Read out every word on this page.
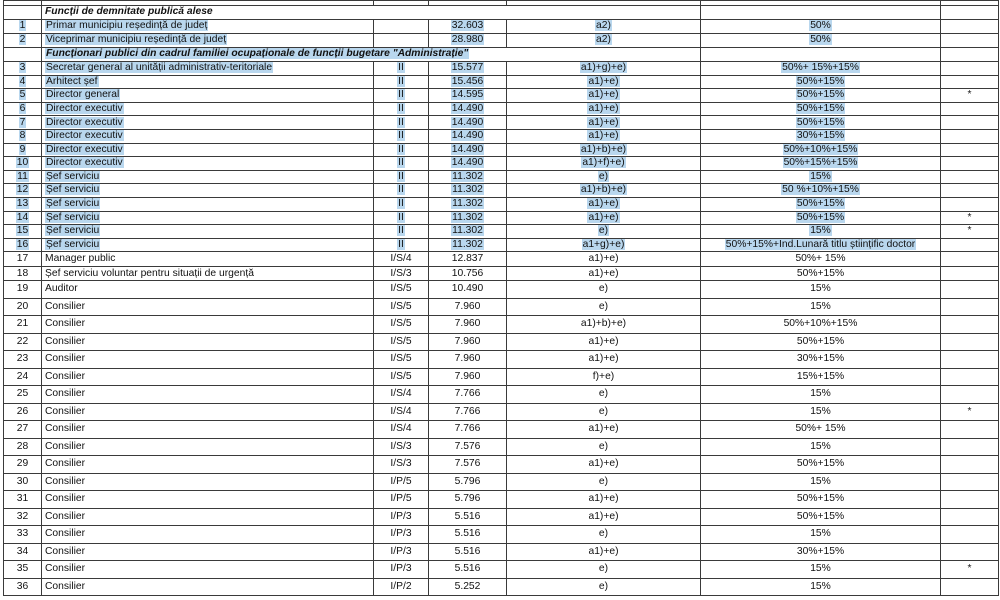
	Funcții de demnitate publică alese					
1	Primar municipiu reședință de județ		32.603	a2)	50%	
2	Viceprimar municipiu reședință de județ		28.980	a2)	50%	
	Funcționari publici din cadrul familiei ocupaționale de funcții bugetare "Administrație"					
3	Secretar general al unității administrativ-teritoriale	II	15.577	a1)+g)+e)	50%+ 15%+15%	
4	Arhitect șef	II	15.456	a1)+e)	50%+15%	
5	Director general	II	14.595	a1)+e)	50%+15%	*
6	Director executiv	II	14.490	a1)+e)	50%+15%	
7	Director executiv	II	14.490	a1)+e)	50%+15%	
8	Director executiv	II	14.490	a1)+e)	30%+15%	
9	Director executiv	II	14.490	a1)+b)+e)	50%+10%+15%	
10	Director executiv	II	14.490	a1)+f)+e)	50%+15%+15%	
11	Șef serviciu	II	11.302	e)	15%	
12	Șef serviciu	II	11.302	a1)+b)+e)	50 %+10%+15%	
13	Șef serviciu	II	11.302	a1)+e)	50%+15%	
14	Șef serviciu	II	11.302	a1)+e)	50%+15%	*
15	Șef serviciu	II	11.302	e)	15%	*
16	Șef serviciu	II	11.302	a1+g)+e)	50%+15%+Ind.Lunară titlu științific doctor	
17	Manager public	I/S/4	12.837	a1)+e)	50%+ 15%	
18	Șef serviciu voluntar pentru situații de urgență	I/S/3	10.756	a1)+e)	50%+15%	
19	Auditor	I/S/5	10.490	e)	15%	
20	Consilier	I/S/5	7.960	e)	15%	
21	Consilier	I/S/5	7.960	a1)+b)+e)	50%+10%+15%	
22	Consilier	I/S/5	7.960	a1)+e)	50%+15%	
23	Consilier	I/S/5	7.960	a1)+e)	30%+15%	
24	Consilier	I/S/5	7.960	f)+e)	15%+15%	
25	Consilier	I/S/4	7.766	e)	15%	
26	Consilier	I/S/4	7.766	e)	15%	*
27	Consilier	I/S/4	7.766	a1)+e)	50%+ 15%	
28	Consilier	I/S/3	7.576	e)	15%	
29	Consilier	I/S/3	7.576	a1)+e)	50%+15%	
30	Consilier	I/P/5	5.796	e)	15%	
31	Consilier	I/P/5	5.796	a1)+e)	50%+15%	
32	Consilier	I/P/3	5.516	a1)+e)	50%+15%	
33	Consilier	I/P/3	5.516	e)	15%	
34	Consilier	I/P/3	5.516	a1)+e)	30%+15%	
35	Consilier	I/P/3	5.516	e)	15%	*
36	Consilier	I/P/2	5.252	e)	15%	
